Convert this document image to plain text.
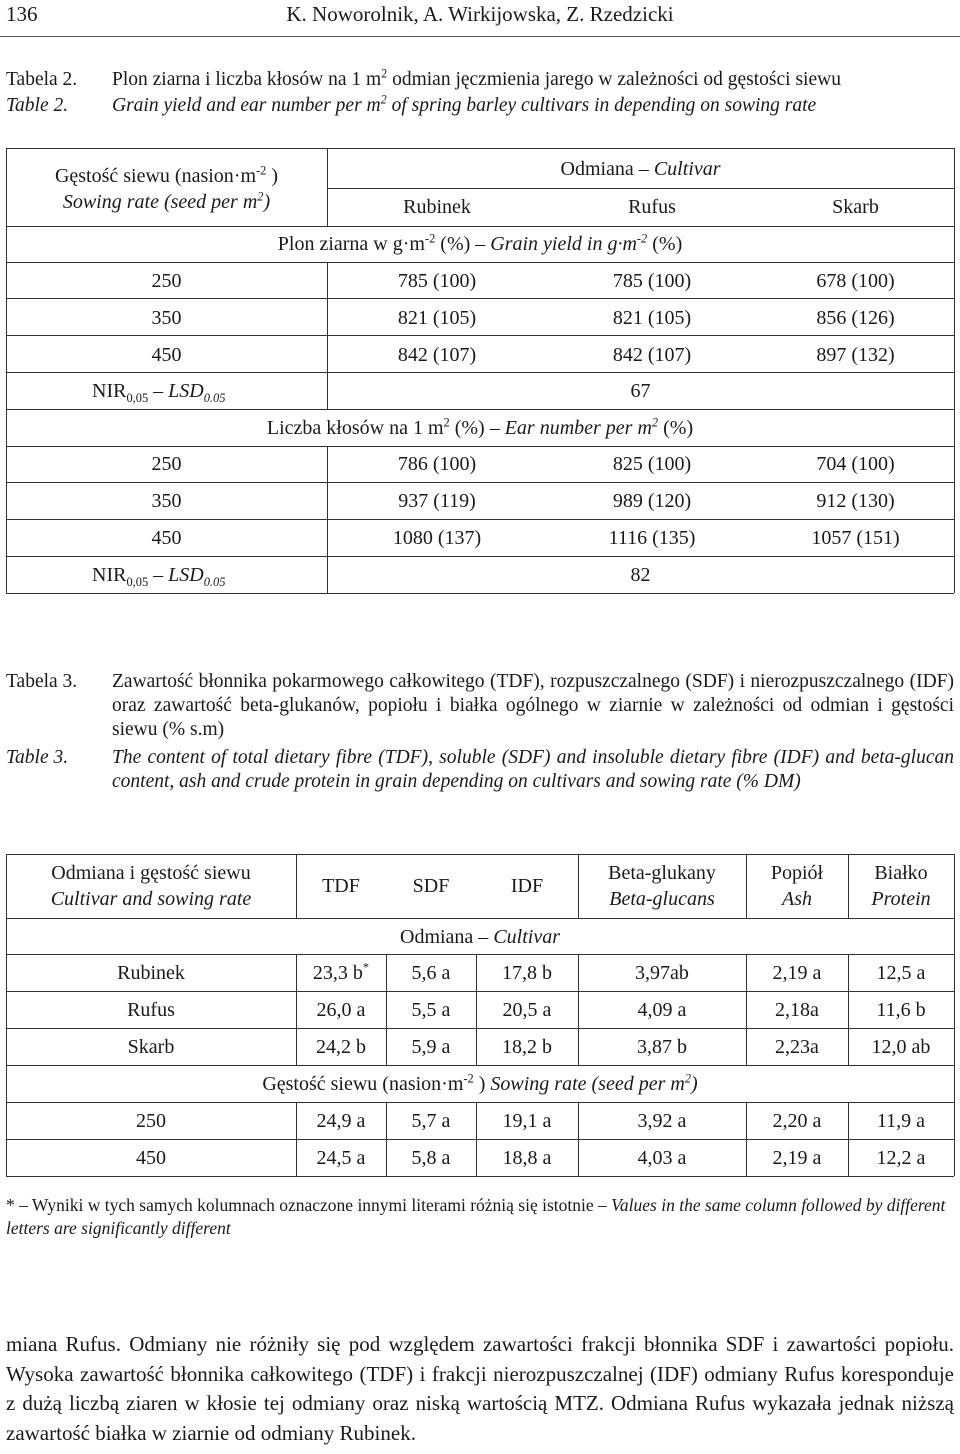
136	K. Noworolnik, A. Wirkijowska, Z. Rzedzicki
Tabela 2.
Table 2.
Plon ziarna i liczba kłosów na 1 $m^2$ odmian jęczmienia jarego w zależności od gęstości siewu
Grain yield and ear number per $m^2$ of spring barley cultivars in depending on sowing rate
Gęstość siewu ($nasion\cdot m^{-2}$ )
Sowing rate (seed per $m^2$)
Odmiana – Cultivar
Rubinek	Rufus	Skarb
Plon ziarna w $g\cdot m^{-2}$ (%) – Grain yield in $g\cdot m^{-2}$ (%)
250	785 (100)	785 (100)	678 (100)
350	821 (105)	821 (105)	856 (126)
450	842 (107)	842 (107)	897 (132)
$NIR_{0,05} - LSD_{0.05}$	67
Liczba kłosów na 1 $m^2$ (%) – Ear number per $m^2$ (%)
250	786 (100)	825 (100)	704 (100)
350	937 (119)	989 (120)	912 (130)
450	1080 (137)	1116 (135)	1057 (151)
$NIR_{0,05} - LSD_{0.05}$	82
Tabela 3.
Table 3.
Zawartość błonnika pokarmowego całkowitego (TDF), rozpuszczalnego (SDF) i nierozpuszczalnego (IDF) oraz zawartość beta-glukanów, popiołu i białka ogólnego w ziarnie w zależności od odmian i gęstości siewu (% s.m)
The content of total dietary fibre (TDF), soluble (SDF) and insoluble dietary fibre (IDF) and beta-glucan content, ash and crude protein in grain depending on cultivars and sowing rate (% DM)
Odmiana i gęstość siewu
Cultivar and sowing rate
TDF	SDF	IDF
Beta-glukany
Beta-glucans
Popiół
Ash
Białko
Protein
Odmiana – Cultivar
Rubinek	23,3 b*	5,6 a	17,8 b	3,97ab	2,19 a	12,5 a
Rufus	26,0 a	5,5 a	20,5 a	4,09 a	2,18a	11,6 b
Skarb	24,2 b	5,9 a	18,2 b	3,87 b	2,23a	12,0 ab
Gęstość siewu ($nasion\cdot m^{-2}$ ) Sowing rate (seed per $m^2$)
250	24,9 a	5,7 a	19,1 a	3,92 a	2,20 a	11,9 a
450	24,5 a	5,8 a	18,8 a	4,03 a	2,19 a	12,2 a
* – Wyniki w tych samych kolumnach oznaczone innymi literami różnią się istotnie – Values in the same column followed by different letters are significantly different
miana Rufus. Odmiany nie różniły się pod względem zawartości frakcji błonnika SDF i zawartości popiołu. Wysoka zawartość błonnika całkowitego (TDF) i frakcji nierozpuszczalnej (IDF) odmiany Rufus koresponduje z dużą liczbą ziaren w kłosie tej odmiany oraz niską wartością MTZ. Odmiana Rufus wykazała jednak niższą zawartość białka w ziarnie od odmiany Rubinek.
